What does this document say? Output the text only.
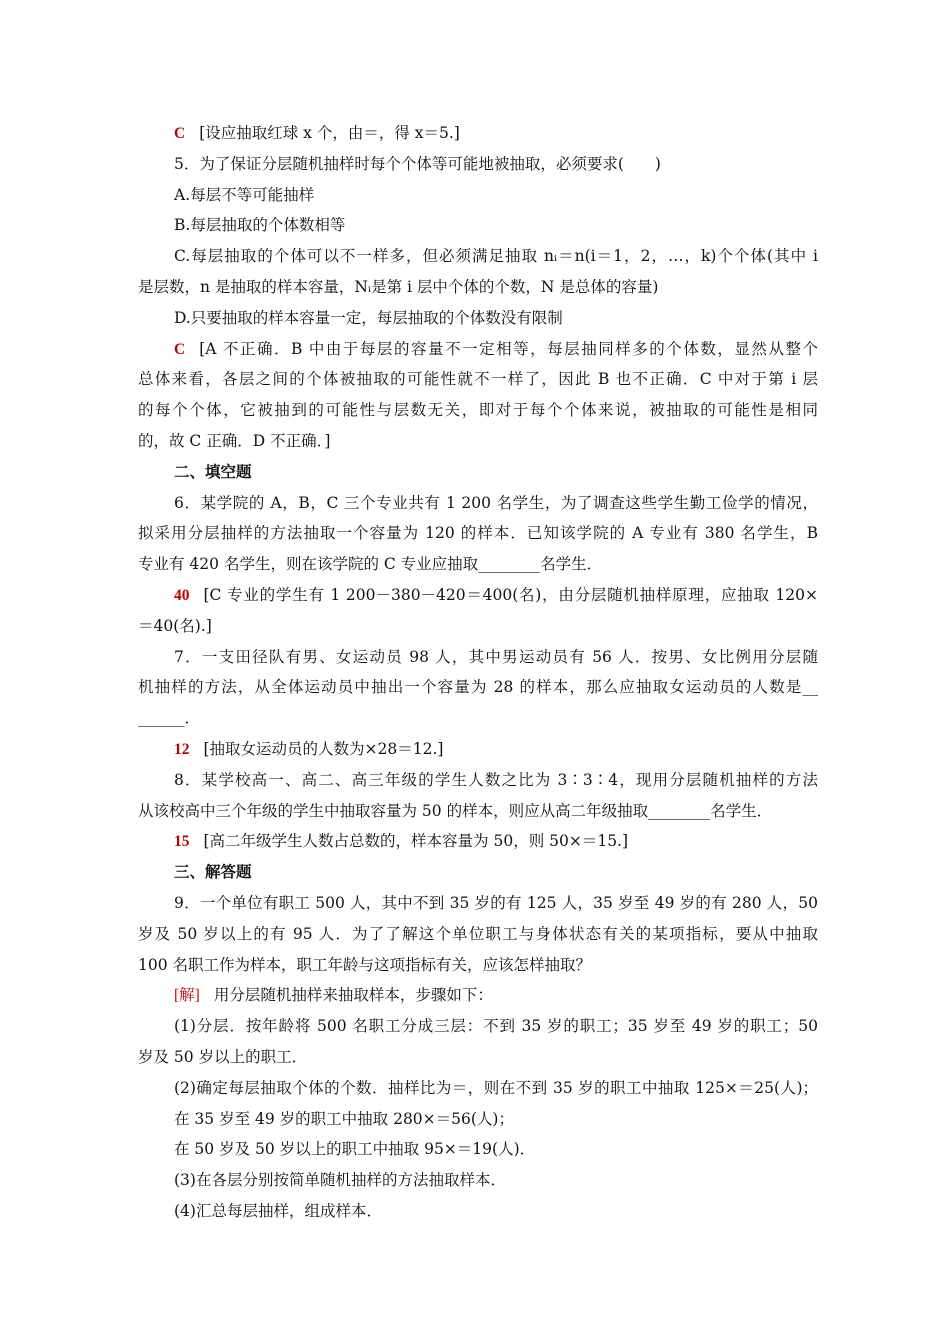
C [设应抽取红球 x 个，由＝，得 x＝5.]
5．为了保证分层随机抽样时每个个体等可能地被抽取，必须要求(　　)
A.每层不等可能抽样
B.每层抽取的个体数相等
C.每层抽取的个体可以不一样多，但必须满足抽取 nᵢ＝n(i＝1，2，…，k)个个体(其中 i
是层数，n 是抽取的样本容量，Nᵢ是第 i 层中个体的个数，N 是总体的容量)
D.只要抽取的样本容量一定，每层抽取的个体数没有限制
C [A 不正确．B 中由于每层的容量不一定相等，每层抽同样多的个体数，显然从整个
总体来看，各层之间的个体被抽取的可能性就不一样了，因此 B 也不正确．C 中对于第 i 层
的每个个体，它被抽到的可能性与层数无关，即对于每个个体来说，被抽取的可能性是相同
的，故 C 正确．D 不正确．]
二、填空题
6．某学院的 A，B，C 三个专业共有 1 200 名学生，为了调查这些学生勤工俭学的情况，
拟采用分层抽样的方法抽取一个容量为 120 的样本．已知该学院的 A 专业有 380 名学生，B
专业有 420 名学生，则在该学院的 C 专业应抽取________名学生．
40 [C 专业的学生有 1 200－380－420＝400(名)，由分层随机抽样原理，应抽取 120×
＝40(名).]
7．一支田径队有男、女运动员 98 人，其中男运动员有 56 人．按男、女比例用分层随
机抽样的方法，从全体运动员中抽出一个容量为 28 的样本，那么应抽取女运动员的人数是__
______．
12 [抽取女运动员的人数为×28＝12.]
8．某学校高一、高二、高三年级的学生人数之比为 3∶3∶4，现用分层随机抽样的方法
从该校高中三个年级的学生中抽取容量为 50 的样本，则应从高二年级抽取________名学生．
15 [高二年级学生人数占总数的，样本容量为 50，则 50×＝15.]
三、解答题
9．一个单位有职工 500 人，其中不到 35 岁的有 125 人，35 岁至 49 岁的有 280 人，50
岁及 50 岁以上的有 95 人．为了了解这个单位职工与身体状态有关的某项指标，要从中抽取
100 名职工作为样本，职工年龄与这项指标有关，应该怎样抽取？
[解] 用分层随机抽样来抽取样本，步骤如下：
(1)分层．按年龄将 500 名职工分成三层：不到 35 岁的职工；35 岁至 49 岁的职工；50
岁及 50 岁以上的职工．
(2)确定每层抽取个体的个数．抽样比为＝，则在不到 35 岁的职工中抽取 125×＝25(人)；
在 35 岁至 49 岁的职工中抽取 280×＝56(人)；
在 50 岁及 50 岁以上的职工中抽取 95×＝19(人)．
(3)在各层分别按简单随机抽样的方法抽取样本．
(4)汇总每层抽样，组成样本．
